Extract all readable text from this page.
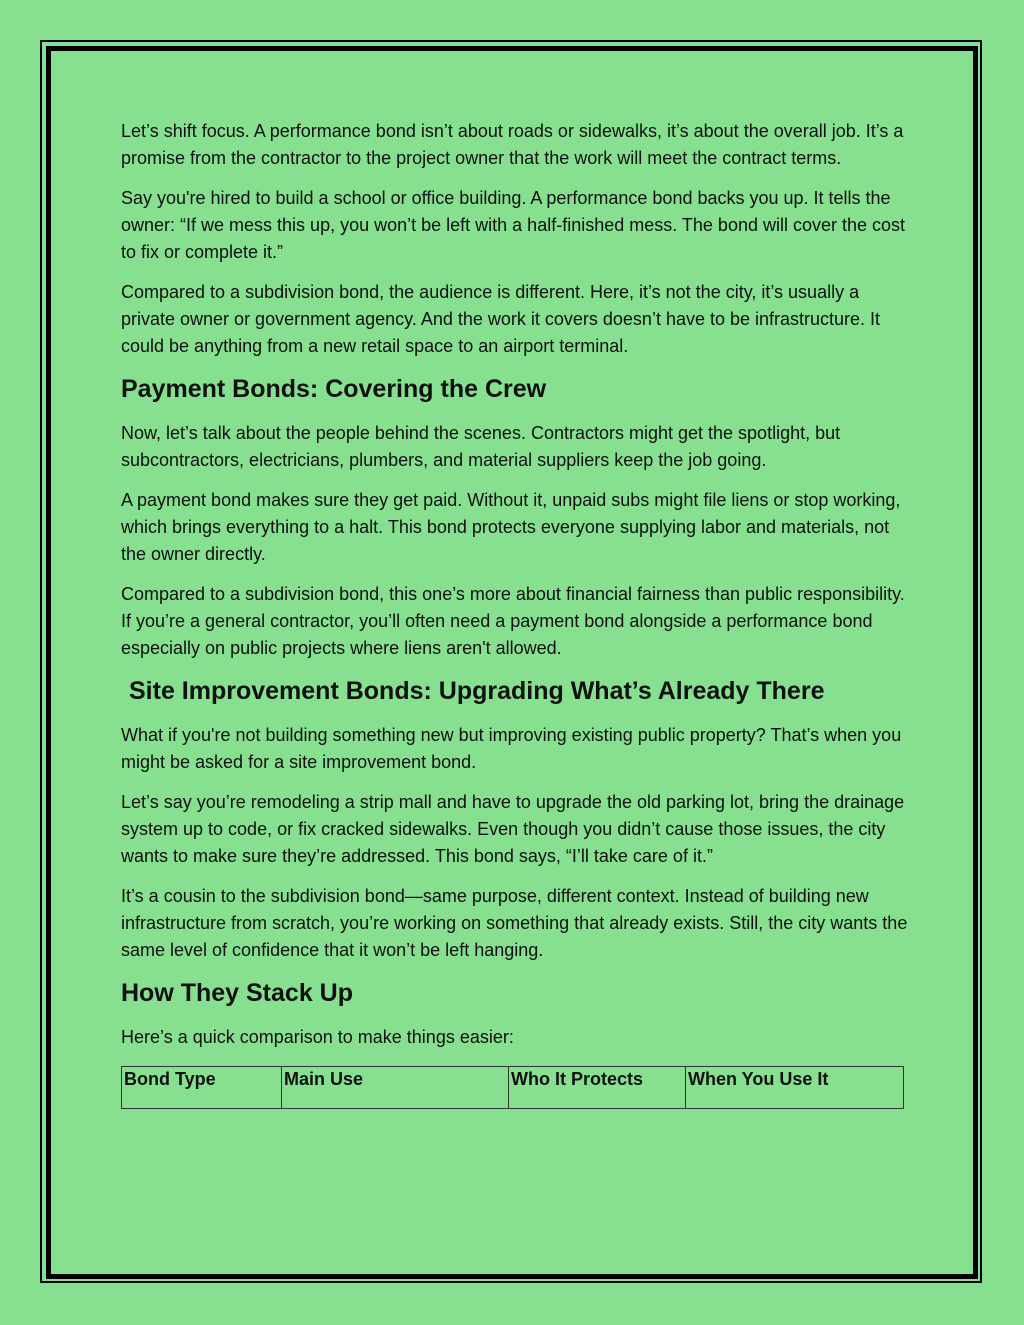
Let’s shift focus. A performance bond isn’t about roads or sidewalks, it’s about the overall job. It’s a promise from the contractor to the project owner that the work will meet the contract terms.

Say you're hired to build a school or office building. A performance bond backs you up. It tells the owner: “If we mess this up, you won’t be left with a half-finished mess. The bond will cover the cost to fix or complete it.”

Compared to a subdivision bond, the audience is different. Here, it’s not the city, it’s usually a private owner or government agency. And the work it covers doesn’t have to be infrastructure. It could be anything from a new retail space to an airport terminal.

Payment Bonds: Covering the Crew

Now, let’s talk about the people behind the scenes. Contractors might get the spotlight, but subcontractors, electricians, plumbers, and material suppliers keep the job going.

A payment bond makes sure they get paid. Without it, unpaid subs might file liens or stop working, which brings everything to a halt. This bond protects everyone supplying labor and materials, not the owner directly.

Compared to a subdivision bond, this one’s more about financial fairness than public responsibility. If you’re a general contractor, you’ll often need a payment bond alongside a performance bond especially on public projects where liens aren't allowed.

Site Improvement Bonds: Upgrading What’s Already There

What if you're not building something new but improving existing public property? That’s when you might be asked for a site improvement bond.

Let’s say you’re remodeling a strip mall and have to upgrade the old parking lot, bring the drainage system up to code, or fix cracked sidewalks. Even though you didn’t cause those issues, the city wants to make sure they’re addressed. This bond says, “I’ll take care of it.”

It’s a cousin to the subdivision bond—same purpose, different context. Instead of building new infrastructure from scratch, you’re working on something that already exists. Still, the city wants the same level of confidence that it won’t be left hanging.

How They Stack Up

Here’s a quick comparison to make things easier:

Bond Type	Main Use	Who It Protects	When You Use It
